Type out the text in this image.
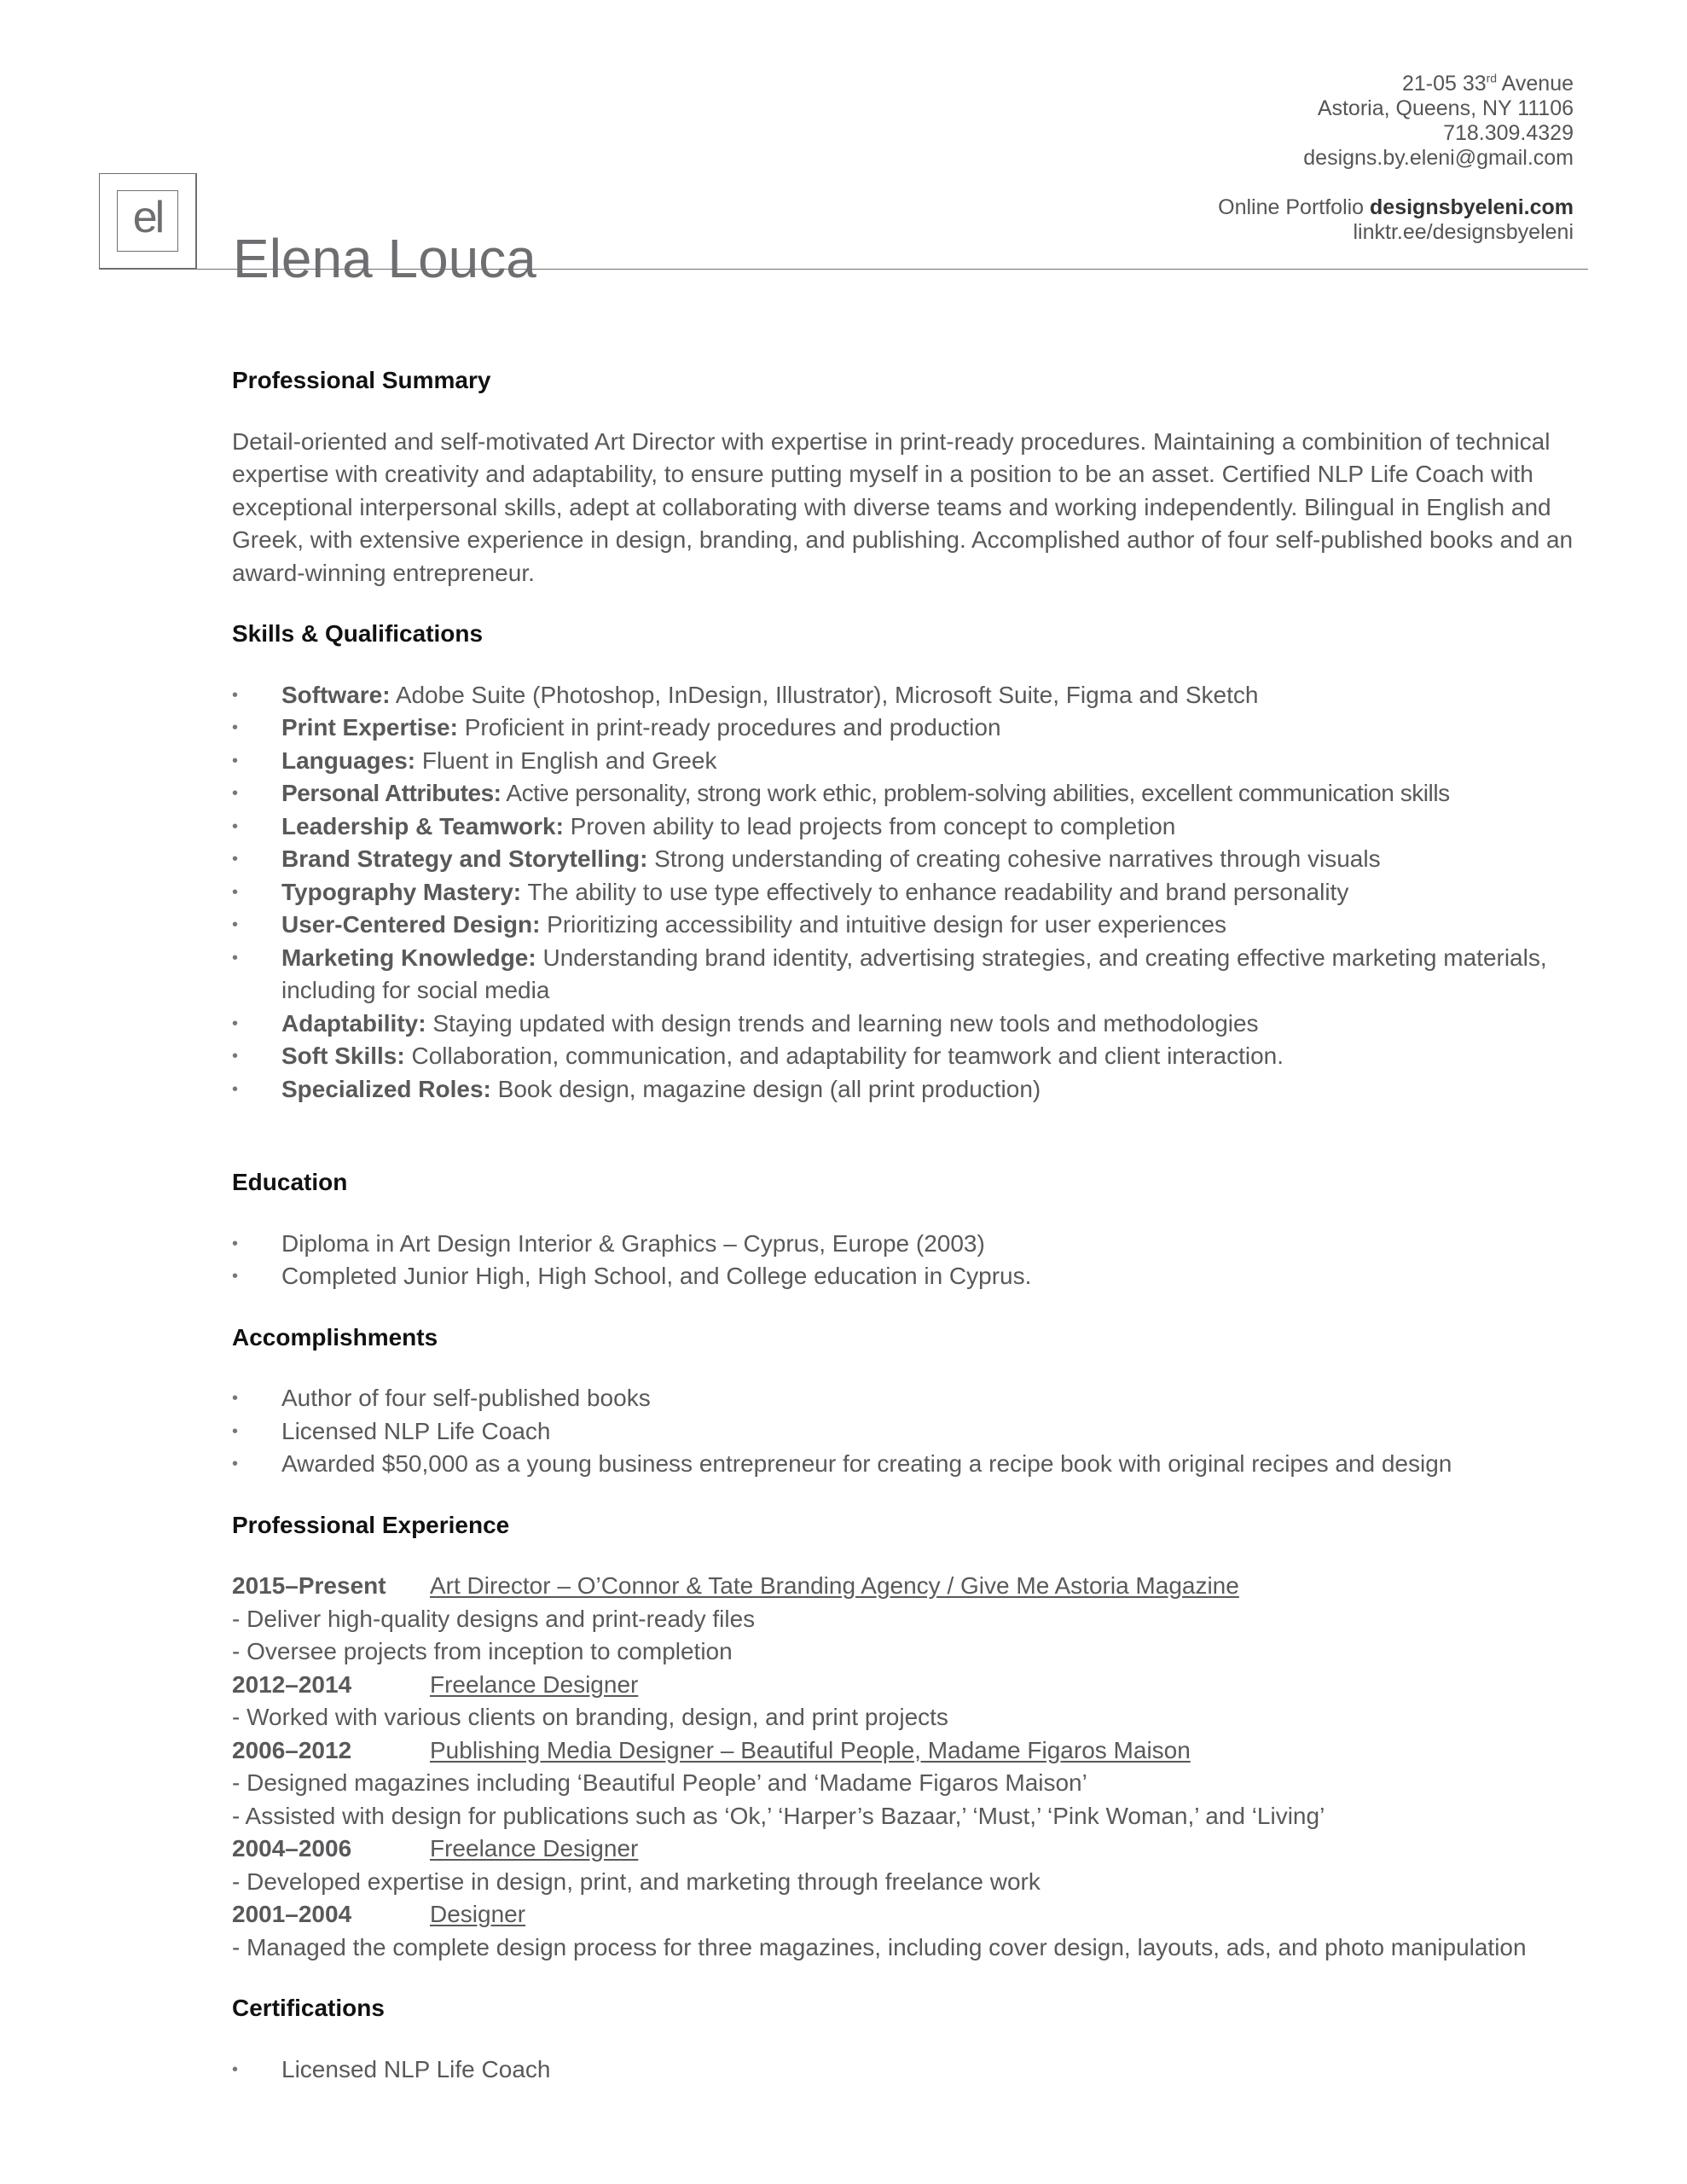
21-05 33rd Avenue
Astoria, Queens, NY 11106
718.309.4329
designs.by.eleni@gmail.com
Online Portfolio designsbyeleni.com
linktr.ee/designsbyeleni
el
Elena Louca
Professional Summary

Detail-oriented and self-motivated Art Director with expertise in print-ready procedures. Maintaining a combinition of technical expertise with creativity and adaptability, to ensure putting myself in a position to be an asset. Certified NLP Life Coach with exceptional interpersonal skills, adept at collaborating with diverse teams and working independently. Bilingual in English and Greek, with extensive experience in design, branding, and publishing. Accomplished author of four self-published books and an award-winning entrepreneur.

Skills & Qualifications
• Software: Adobe Suite (Photoshop, InDesign, Illustrator), Microsoft Suite, Figma and Sketch
• Print Expertise: Proficient in print-ready procedures and production
• Languages: Fluent in English and Greek
• Personal Attributes: Active personality, strong work ethic, problem-solving abilities, excellent communication skills
• Leadership & Teamwork: Proven ability to lead projects from concept to completion
• Brand Strategy and Storytelling: Strong understanding of creating cohesive narratives through visuals
• Typography Mastery: The ability to use type effectively to enhance readability and brand personality
• User-Centered Design: Prioritizing accessibility and intuitive design for user experiences
• Marketing Knowledge: Understanding brand identity, advertising strategies, and creating effective marketing materials, including for social media
• Adaptability: Staying updated with design trends and learning new tools and methodologies
• Soft Skills: Collaboration, communication, and adaptability for teamwork and client interaction.
• Specialized Roles: Book design, magazine design (all print production)
Education
• Diploma in Art Design Interior & Graphics – Cyprus, Europe (2003)
• Completed Junior High, High School, and College education in Cyprus.
Accomplishments
• Author of four self-published books
• Licensed NLP Life Coach
• Awarded $50,000 as a young business entrepreneur for creating a recipe book with original recipes and design
Professional Experience
2015–Present Art Director – O’Connor & Tate Branding Agency / Give Me Astoria Magazine
- Deliver high-quality designs and print-ready files
- Oversee projects from inception to completion
2012–2014	Freelance Designer
- Worked with various clients on branding, design, and print projects
2006–2012	Publishing Media Designer – Beautiful People, Madame Figaros Maison
- Designed magazines including ‘Beautiful People’ and ‘Madame Figaros Maison’
- Assisted with design for publications such as ‘Ok,’ ‘Harper’s Bazaar,’ ‘Must,’ ‘Pink Woman,’ and ‘Living’
2004–2006	Freelance Designer
- Developed expertise in design, print, and marketing through freelance work
2001–2004	Designer
- Managed the complete design process for three magazines, including cover design, layouts, ads, and photo manipulation
Certifications
• Licensed NLP Life Coach
